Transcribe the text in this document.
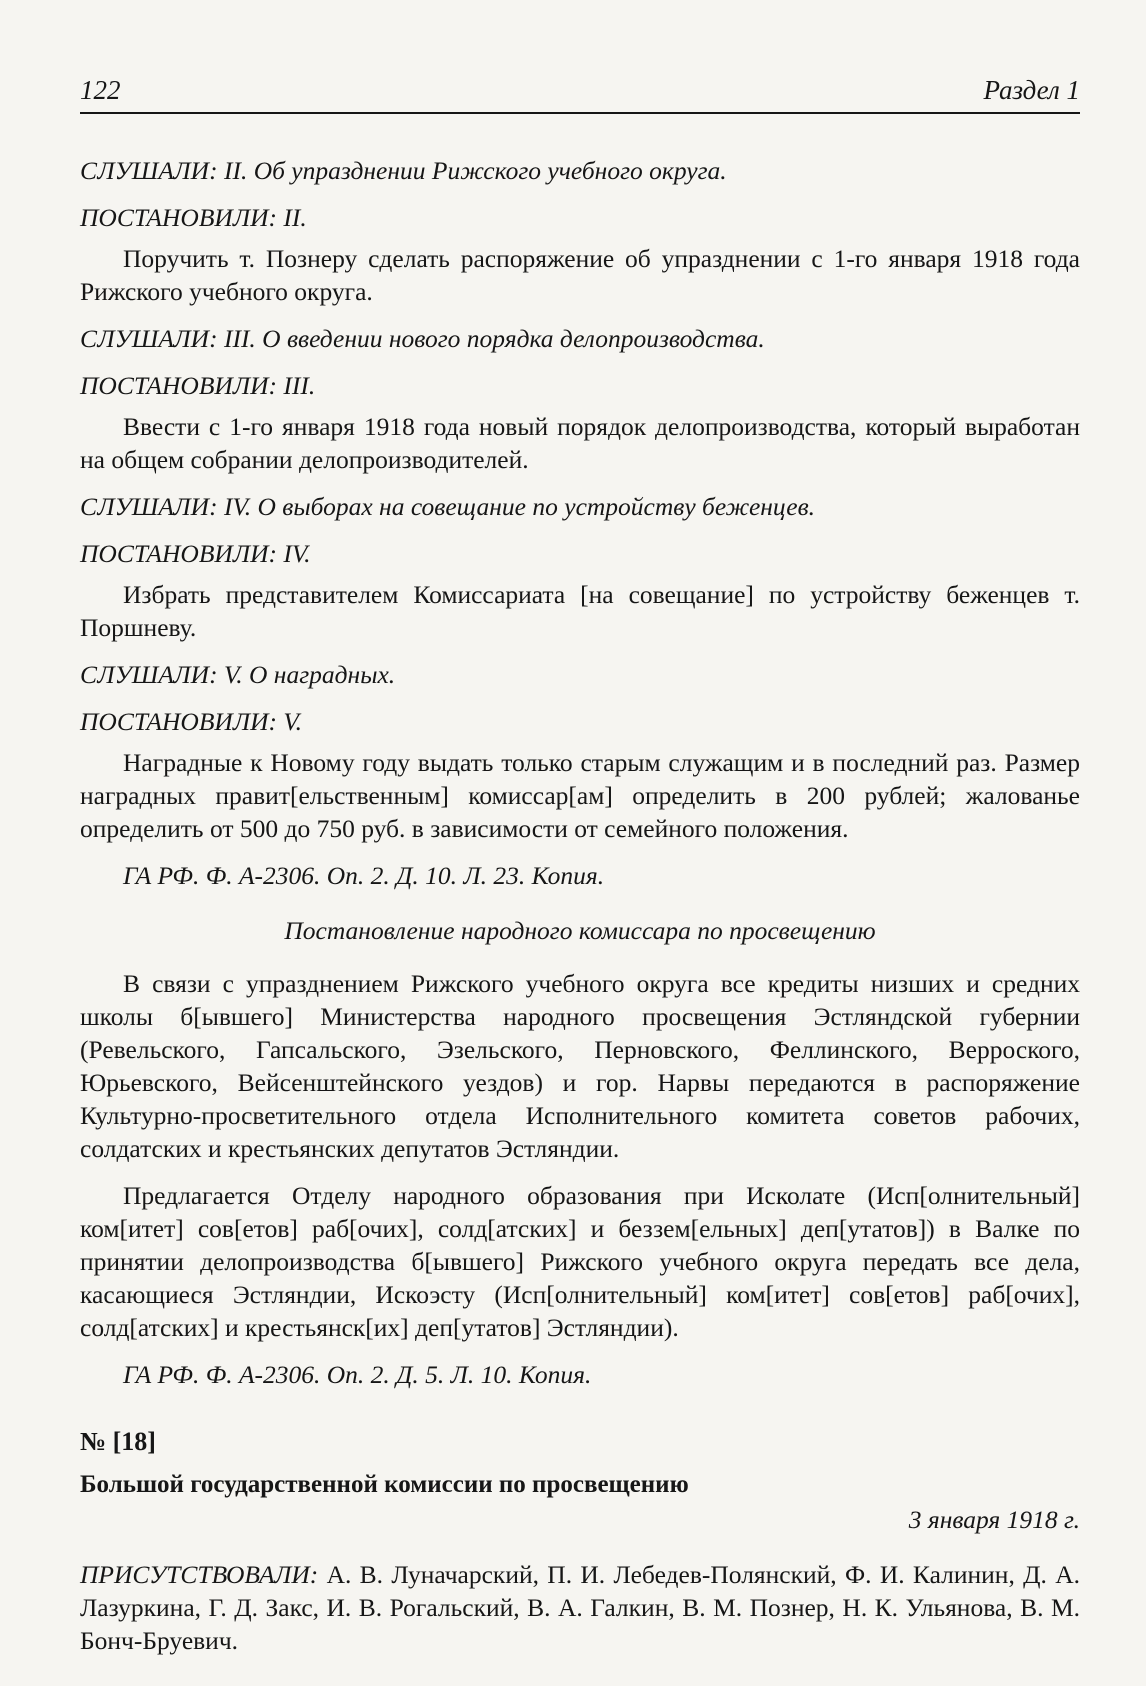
122	Раздел 1

СЛУШАЛИ: II. Об упразднении Рижского учебного округа.

ПОСТАНОВИЛИ: II.

Поручить т. Познеру сделать распоряжение об упразднении с 1-го января 1918 года Рижского учебного округа.

СЛУШАЛИ: III. О введении нового порядка делопроизводства.

ПОСТАНОВИЛИ: III.

Ввести с 1-го января 1918 года новый порядок делопроизводства, который выработан на общем собрании делопроизводителей.

СЛУШАЛИ: IV. О выборах на совещание по устройству беженцев.

ПОСТАНОВИЛИ: IV.

Избрать представителем Комиссариата [на совещание] по устройству беженцев т. Поршневу.

СЛУШАЛИ: V. О наградных.

ПОСТАНОВИЛИ: V.

Наградные к Новому году выдать только старым служащим и в последний раз. Размер наградных правит[ельственным] комиссар[ам] определить в 200 рублей; жалованье определить от 500 до 750 руб. в зависимости от семейного положения.

ГА РФ. Ф. А-2306. Оп. 2. Д. 10. Л. 23. Копия.

Постановление народного комиссара по просвещению

В связи с упразднением Рижского учебного округа все кредиты низших и средних школы б[ывшего] Министерства народного просвещения Эстляндской губернии (Ревельского, Гапсальского, Эзельского, Перновского, Феллинского, Верроского, Юрьевского, Вейсенштейнского уездов) и гор. Нарвы передаются в распоряжение Культурно-просветительного отдела Исполнительного комитета советов рабочих, солдатских и крестьянских депутатов Эстляндии.

Предлагается Отделу народного образования при Исколате (Исп[олнительный] ком[итет] сов[етов] раб[очих], солд[атских] и беззем[ельных] деп[утатов]) в Валке по принятии делопроизводства б[ывшего] Рижского учебного округа передать все дела, касающиеся Эстляндии, Искоэсту (Исп[олнительный] ком[итет] сов[етов] раб[очих], солд[атских] и крестьянск[их] деп[утатов] Эстляндии).

ГА РФ. Ф. А-2306. Оп. 2. Д. 5. Л. 10. Копия.

№ [18]

Большой государственной комиссии по просвещению

3 января 1918 г.

ПРИСУТСТВОВАЛИ: А. В. Луначарский, П. И. Лебедев-Полянский, Ф. И. Калинин, Д. А. Лазуркина, Г. Д. Закс, И. В. Рогальский, В. А. Галкин, В. М. Познер, Н. К. Ульянова, В. М. Бонч-Бруевич.
